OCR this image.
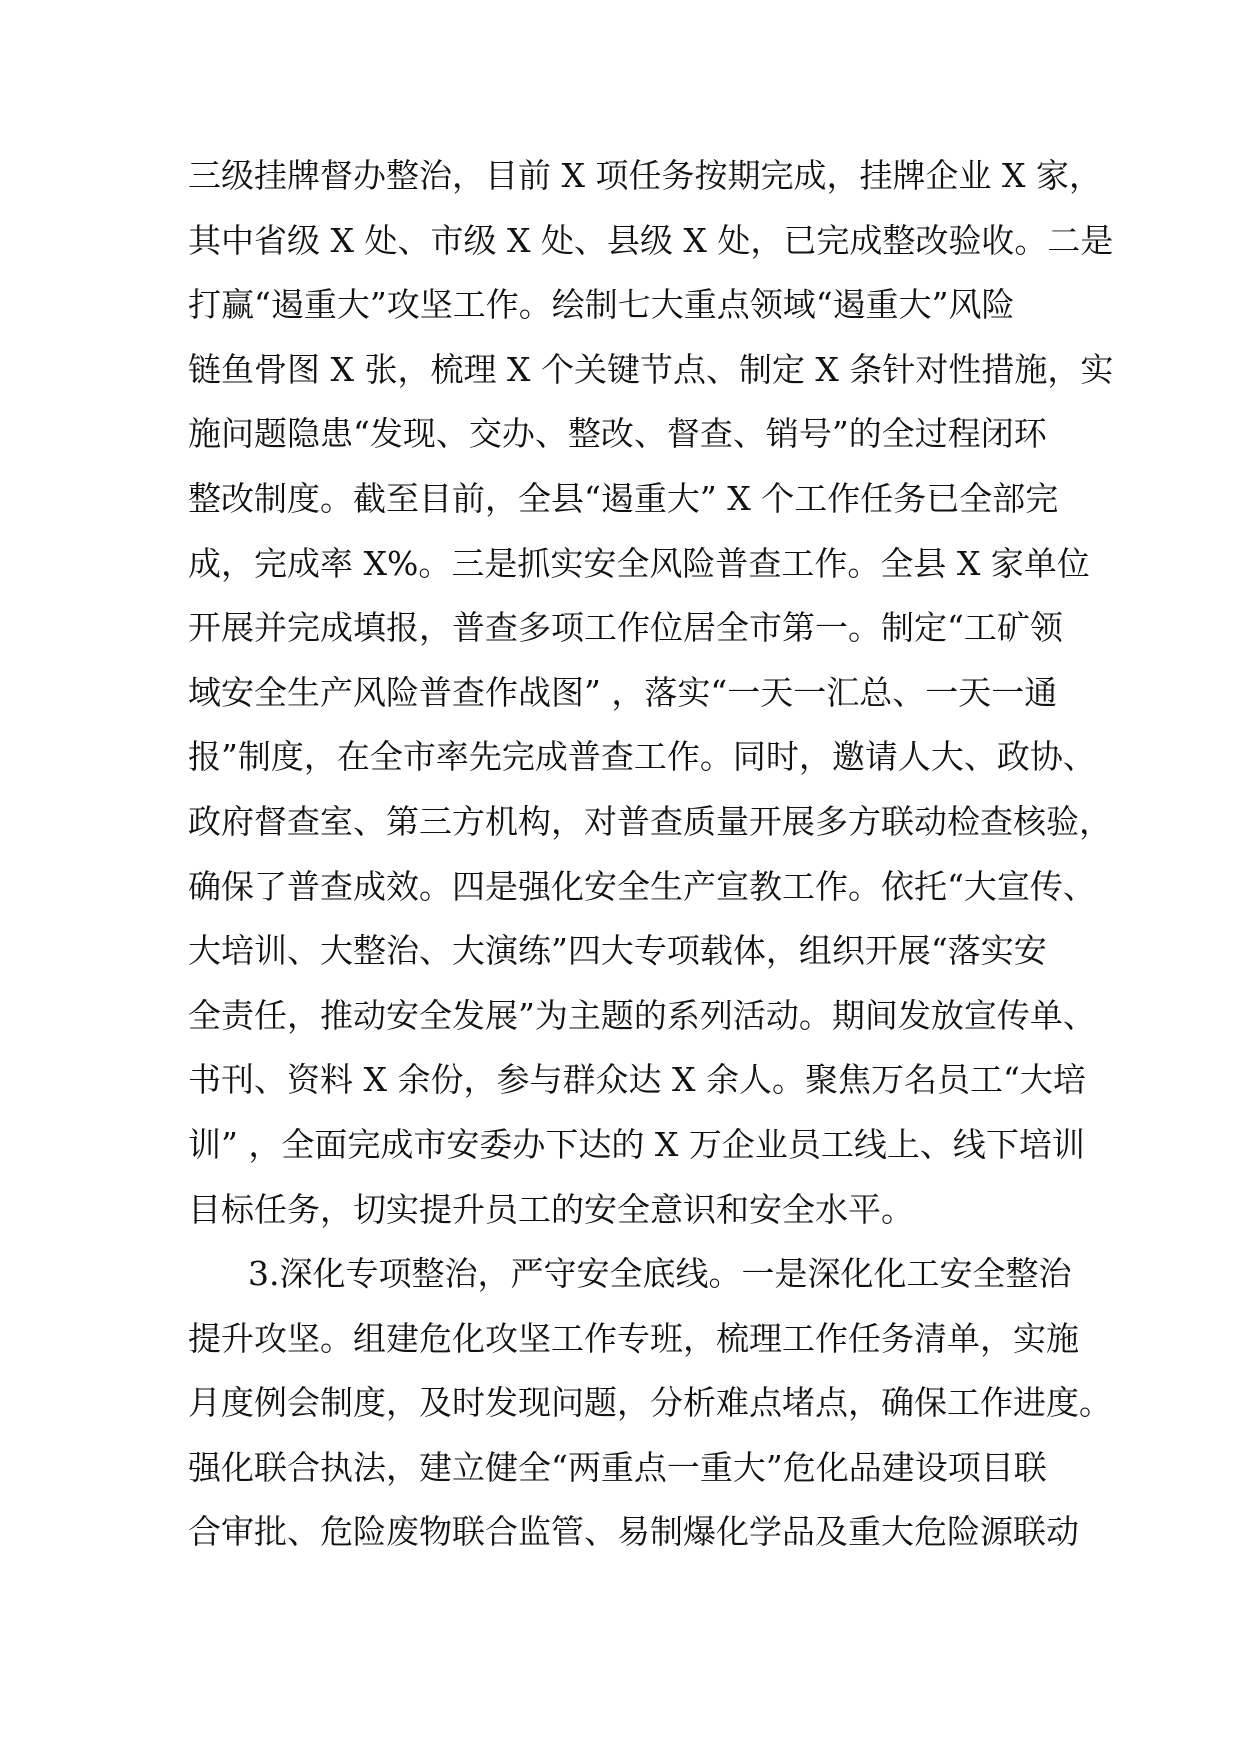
三级挂牌督办整治，目前 X 项任务按期完成，挂牌企业 X 家，
其中省级 X 处、市级 X 处、县级 X 处，已完成整改验收。二是
打赢“遏重大”攻坚工作。绘制七大重点领域“遏重大”风险
链鱼骨图 X 张，梳理 X 个关键节点、制定 X 条针对性措施，实
施问题隐患“发现、交办、整改、督查、销号”的全过程闭环
整改制度。截至目前，全县“遏重大” X 个工作任务已全部完
成，完成率 X%。三是抓实安全风险普查工作。全县 X 家单位
开展并完成填报，普查多项工作位居全市第一。制定“工矿领
域安全生产风险普查作战图” ，落实“一天一汇总、一天一通
报”制度，在全市率先完成普查工作。同时，邀请人大、政协、
政府督查室、第三方机构，对普查质量开展多方联动检查核验，
确保了普查成效。四是强化安全生产宣教工作。依托“大宣传、
大培训、大整治、大演练”四大专项载体，组织开展“落实安
全责任，推动安全发展”为主题的系列活动。期间发放宣传单、
书刊、资料 X 余份，参与群众达 X 余人。聚焦万名员工“大培
训” ，全面完成市安委办下达的 X 万企业员工线上、线下培训
目标任务，切实提升员工的安全意识和安全水平。
3.深化专项整治，严守安全底线。一是深化化工安全整治
提升攻坚。组建危化攻坚工作专班，梳理工作任务清单，实施
月度例会制度，及时发现问题，分析难点堵点，确保工作进度。
强化联合执法，建立健全“两重点一重大”危化品建设项目联
合审批、危险废物联合监管、易制爆化学品及重大危险源联动
